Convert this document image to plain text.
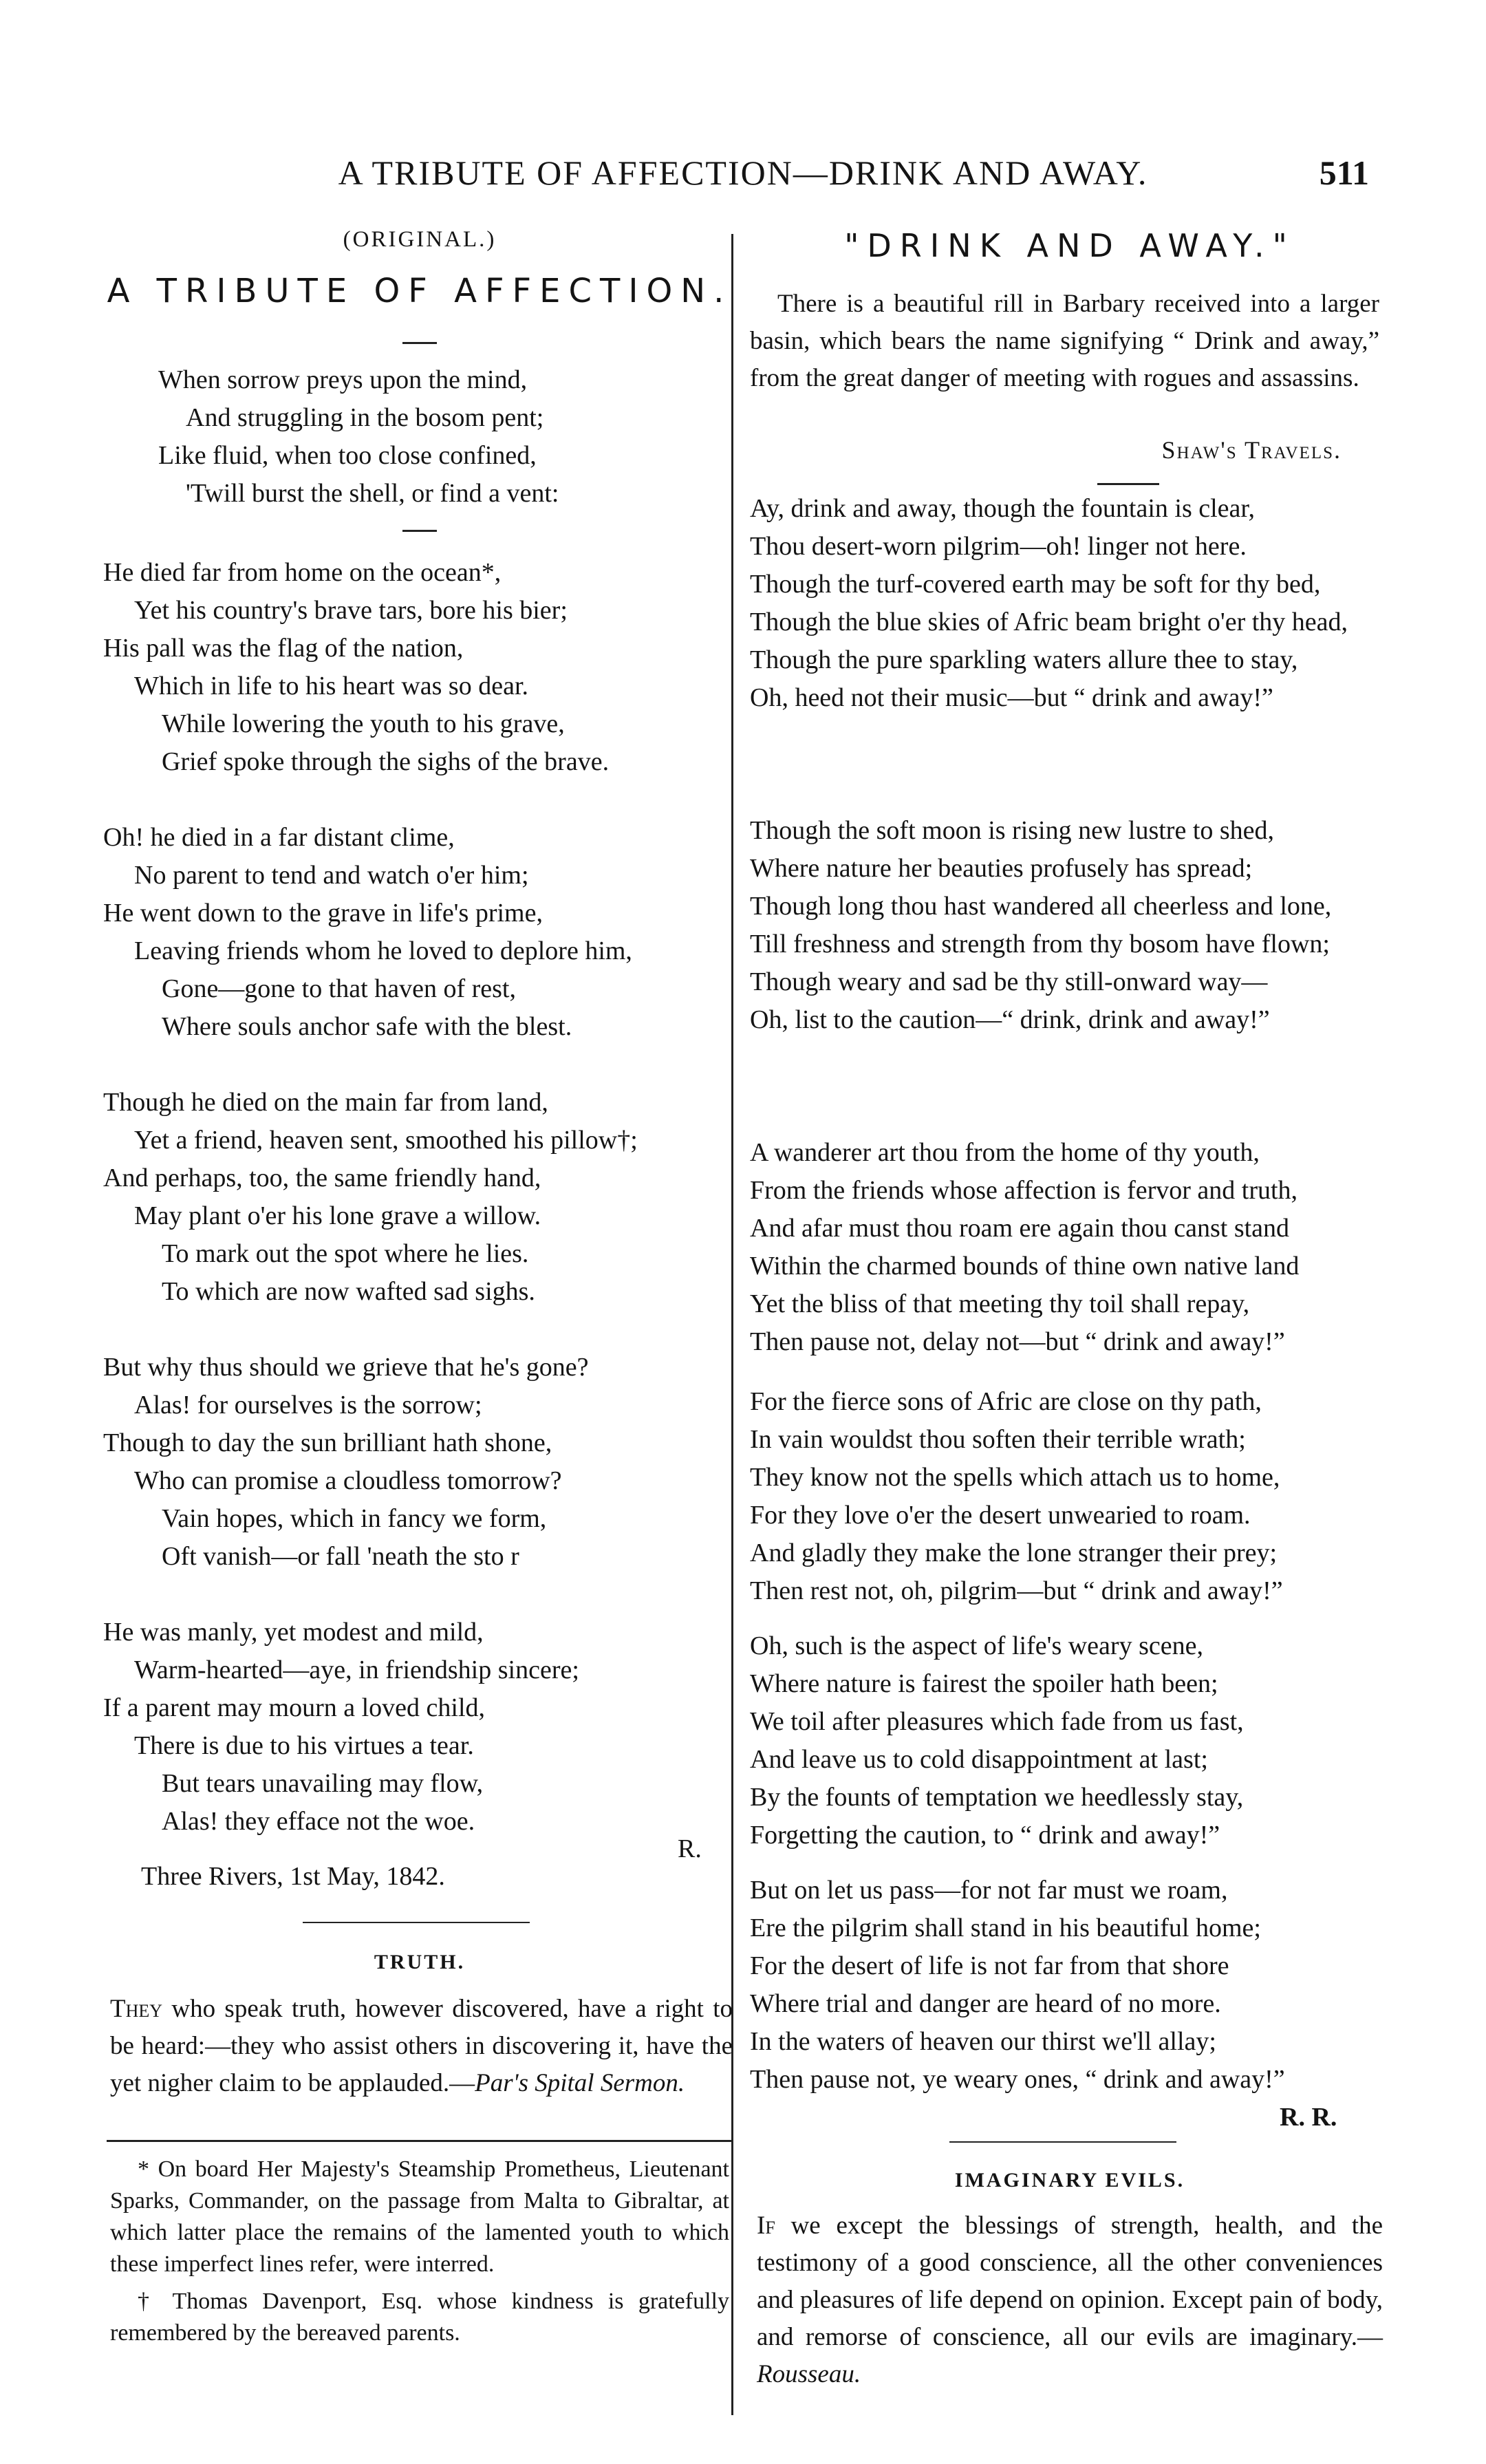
A TRIBUTE OF AFFECTION—DRINK AND AWAY.	511
(ORIGINAL.)
A TRIBUTE OF AFFECTION.
When sorrow preys upon the mind,
And struggling in the bosom pent;
Like fluid, when too close confined,
'Twill burst the shell, or find a vent:
He died far from home on the ocean*,
Yet his country's brave tars, bore his bier;
His pall was the flag of the nation,
Which in life to his heart was so dear.
While lowering the youth to his grave,
Grief spoke through the sighs of the brave.
Oh! he died in a far distant clime,
No parent to tend and watch o'er him;
He went down to the grave in life's prime,
Leaving friends whom he loved to deplore him,
Gone—gone to that haven of rest,
Where souls anchor safe with the blest.
Though he died on the main far from land,
Yet a friend, heaven sent, smoothed his pillow†;
And perhaps, too, the same friendly hand,
May plant o'er his lone grave a willow.
To mark out the spot where he lies.
To which are now wafted sad sighs.
But why thus should we grieve that he's gone?
Alas! for ourselves is the sorrow;
Though to day the sun brilliant hath shone,
Who can promise a cloudless tomorrow?
Vain hopes, which in fancy we form,
Oft vanish—or fall 'neath the sto r
He was manly, yet modest and mild,
Warm-hearted—aye, in friendship sincere;
If a parent may mourn a loved child,
There is due to his virtues a tear.
But tears unavailing may flow,
Alas! they efface not the woe.
R.
Three Rivers, 1st May, 1842.
TRUTH.
They who speak truth, however discovered, have a right to be heard:—they who assist others in discovering it, have the yet nigher claim to be applauded.—Par's Spital Sermon.
* On board Her Majesty's Steamship Prometheus, Lieutenant Sparks, Commander, on the passage from Malta to Gibraltar, at which latter place the remains of the lamented youth to which these imperfect lines refer, were interred.
† Thomas Davenport, Esq. whose kindness is gratefully remembered by the bereaved parents.
"DRINK AND AWAY."
There is a beautiful rill in Barbary received into a larger basin, which bears the name signifying “ Drink and away,” from the great danger of meeting with rogues and assassins.
Shaw's Travels.
Ay, drink and away, though the fountain is clear,
Thou desert-worn pilgrim—oh! linger not here.
Though the turf-covered earth may be soft for thy bed,
Though the blue skies of Afric beam bright o'er thy head,
Though the pure sparkling waters allure thee to stay,
Oh, heed not their music—but “ drink and away!”
Though the soft moon is rising new lustre to shed,
Where nature her beauties profusely has spread;
Though long thou hast wandered all cheerless and lone,
Till freshness and strength from thy bosom have flown;
Though weary and sad be thy still-onward way—
Oh, list to the caution—“ drink, drink and away!”
A wanderer art thou from the home of thy youth,
From the friends whose affection is fervor and truth,
And afar must thou roam ere again thou canst stand
Within the charmed bounds of thine own native land
Yet the bliss of that meeting thy toil shall repay,
Then pause not, delay not—but “ drink and away!”
For the fierce sons of Afric are close on thy path,
In vain wouldst thou soften their terrible wrath;
They know not the spells which attach us to home,
For they love o'er the desert unwearied to roam.
And gladly they make the lone stranger their prey;
Then rest not, oh, pilgrim—but “ drink and away!”
Oh, such is the aspect of life's weary scene,
Where nature is fairest the spoiler hath been;
We toil after pleasures which fade from us fast,
And leave us to cold disappointment at last;
By the founts of temptation we heedlessly stay,
Forgetting the caution, to “ drink and away!”
But on let us pass—for not far must we roam,
Ere the pilgrim shall stand in his beautiful home;
For the desert of life is not far from that shore
Where trial and danger are heard of no more.
In the waters of heaven our thirst we'll allay;
Then pause not, ye weary ones, “ drink and away!”
R. R.
IMAGINARY EVILS.
If we except the blessings of strength, health, and the testimony of a good conscience, all the other conveniences and pleasures of life depend on opinion. Except pain of body, and remorse of conscience, all our evils are imaginary.—Rousseau.
